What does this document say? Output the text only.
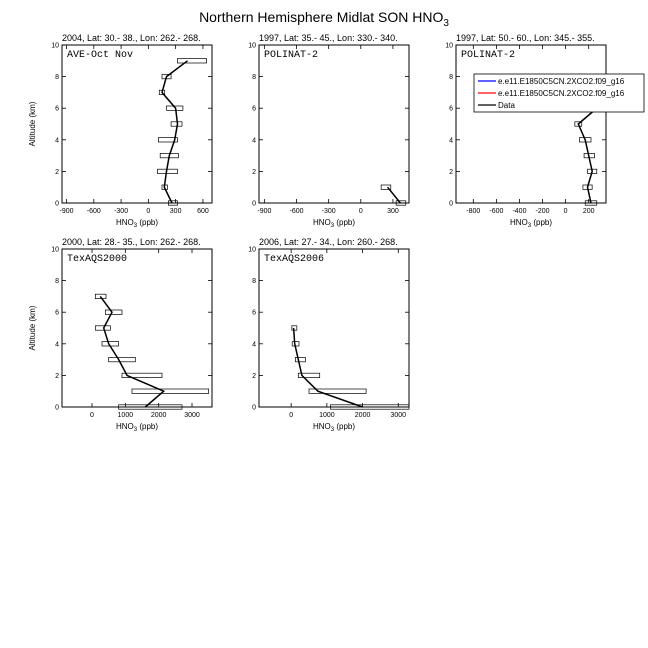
Northern Hemisphere Midlat SON $HNO_3$
2004, Lat: 30.- 38., Lon: 262.- 268.
AVE-Oct Nov
-900 -600 -300	0	300 600
0
2
4
6
8
10
$HNO_3$ (ppb)
Altitude (km)
1997, Lat: 35.- 45., Lon: 330.- 340.
POLINAT-2
-900	-600	-300	0	300
0
2
4
6
8
10
$HNO_3$ (ppb)
1997, Lat: 50.- 60., Lon: 345.- 355.
POLINAT-2
-800 -600 -400 -200 0 200
0
2
4
6
8
10
$HNO_3$ (ppb)
2000, Lat: 28.- 35., Lon: 262.- 268.
TexAQS2000
0	1000	2000	3000
0
2
4
6
8
10
$HNO_3$ (ppb)
Altitude (km)
2006, Lat: 27.- 34., Lon: 260.- 268.
TexAQS2006
0	1000	2000	3000
0
2
4
6
8
10
$HNO_3$ (ppb)
e.e11.E1850C5CN.2XCO2.f09_g16
e.e11.E1850C5CN.2XCO2.f09_g16
Data
